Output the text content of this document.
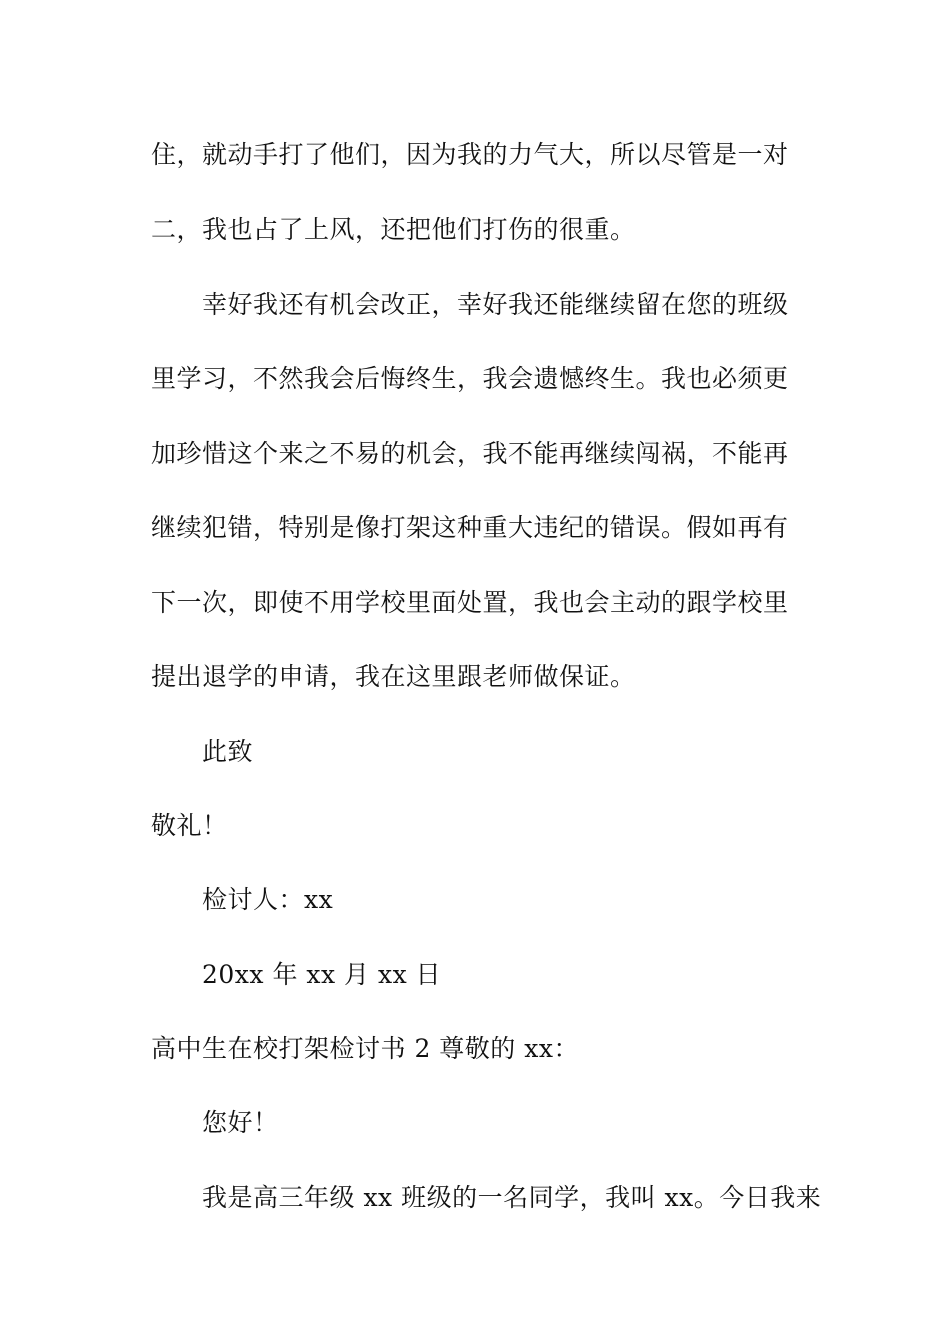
住，就动手打了他们，因为我的力气大，所以尽管是一对
二，我也占了上风，还把他们打伤的很重。
幸好我还有机会改正，幸好我还能继续留在您的班级
里学习，不然我会后悔终生，我会遗憾终生。我也必须更
加珍惜这个来之不易的机会，我不能再继续闯祸，不能再
继续犯错，特别是像打架这种重大违纪的错误。假如再有
下一次，即使不用学校里面处置，我也会主动的跟学校里
提出退学的申请，我在这里跟老师做保证。
此致
敬礼！
检讨人：xx
20xx 年 xx 月 xx 日
高中生在校打架检讨书 2 尊敬的 xx：
您好！
我是高三年级 xx 班级的一名同学，我叫 xx。今日我来
